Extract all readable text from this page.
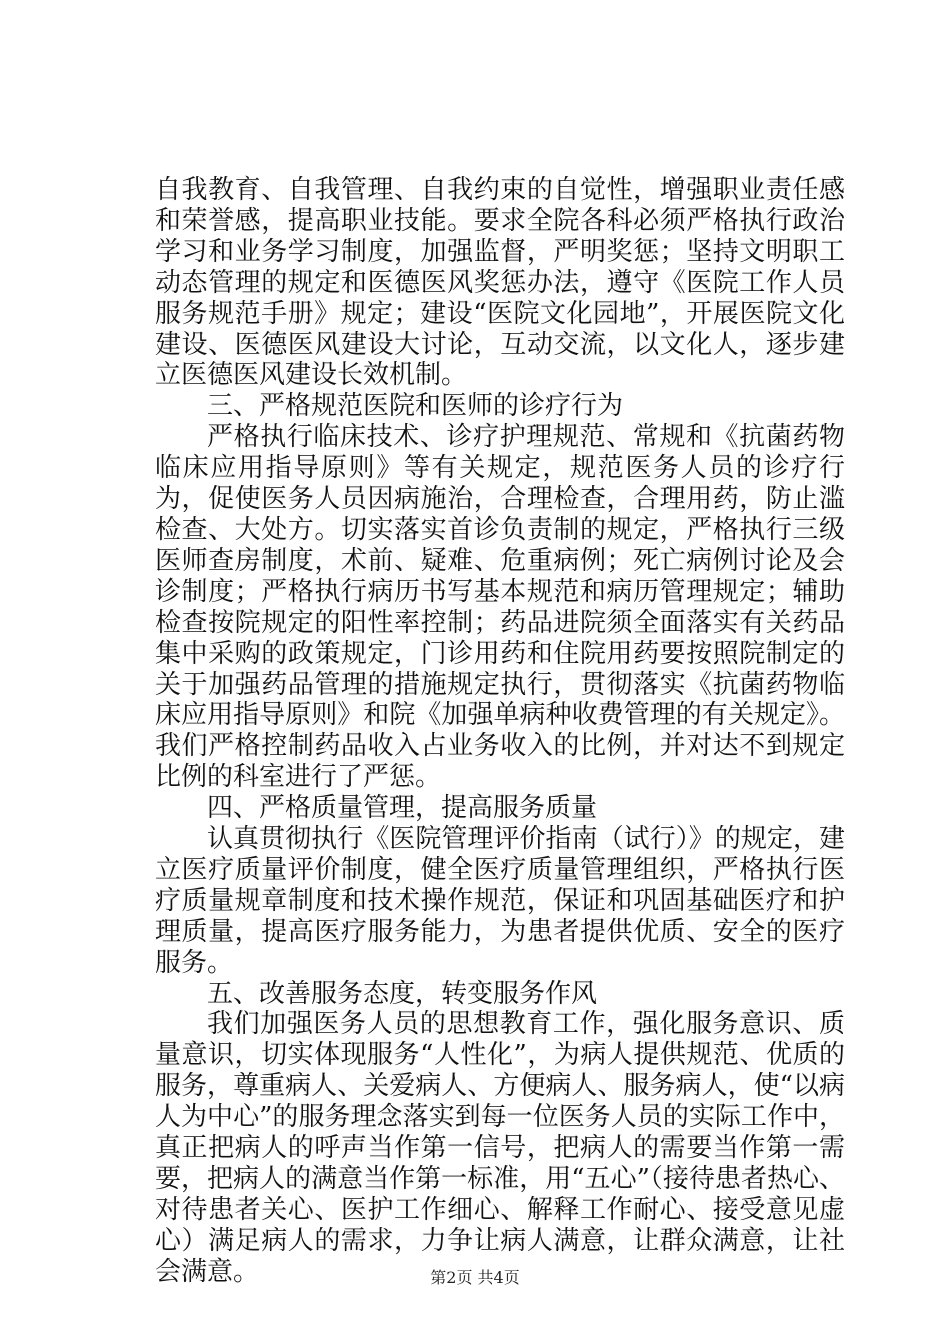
自我教育、自我管理、自我约束的自觉性，增强职业责任感和荣誉感，提高职业技能。要求全院各科必须严格执行政治学习和业务学习制度，加强监督，严明奖惩；坚持文明职工动态管理的规定和医德医风奖惩办法，遵守《医院工作人员服务规范手册》规定；建设“医院文化园地”，开展医院文化建设、医德医风建设大讨论，互动交流，以文化人，逐步建立医德医风建设长效机制。

三、严格规范医院和医师的诊疗行为

严格执行临床技术、诊疗护理规范、常规和《抗菌药物临床应用指导原则》等有关规定，规范医务人员的诊疗行为，促使医务人员因病施治，合理检查，合理用药，防止滥检查、大处方。切实落实首诊负责制的规定，严格执行三级医师查房制度，术前、疑难、危重病例；死亡病例讨论及会诊制度；严格执行病历书写基本规范和病历管理规定；辅助检查按院规定的阳性率控制；药品进院须全面落实有关药品集中采购的政策规定，门诊用药和住院用药要按照院制定的关于加强药品管理的措施规定执行，贯彻落实《抗菌药物临床应用指导原则》和院《加强单病种收费管理的有关规定》。我们严格控制药品收入占业务收入的比例，并对达不到规定比例的科室进行了严惩。

四、严格质量管理，提高服务质量

认真贯彻执行《医院管理评价指南（试行）》的规定，建立医疗质量评价制度，健全医疗质量管理组织，严格执行医疗质量规章制度和技术操作规范，保证和巩固基础医疗和护理质量，提高医疗服务能力，为患者提供优质、安全的医疗服务。

五、改善服务态度，转变服务作风

我们加强医务人员的思想教育工作，强化服务意识、质量意识，切实体现服务“人性化”，为病人提供规范、优质的服务，尊重病人、关爱病人、方便病人、服务病人，使“以病人为中心”的服务理念落实到每一位医务人员的实际工作中，真正把病人的呼声当作第一信号，把病人的需要当作第一需要，把病人的满意当作第一标准，用“五心”（接待患者热心、对待患者关心、医护工作细心、解释工作耐心、接受意见虚心）满足病人的需求，力争让病人满意，让群众满意，让社会满意。	第2页 共4页
